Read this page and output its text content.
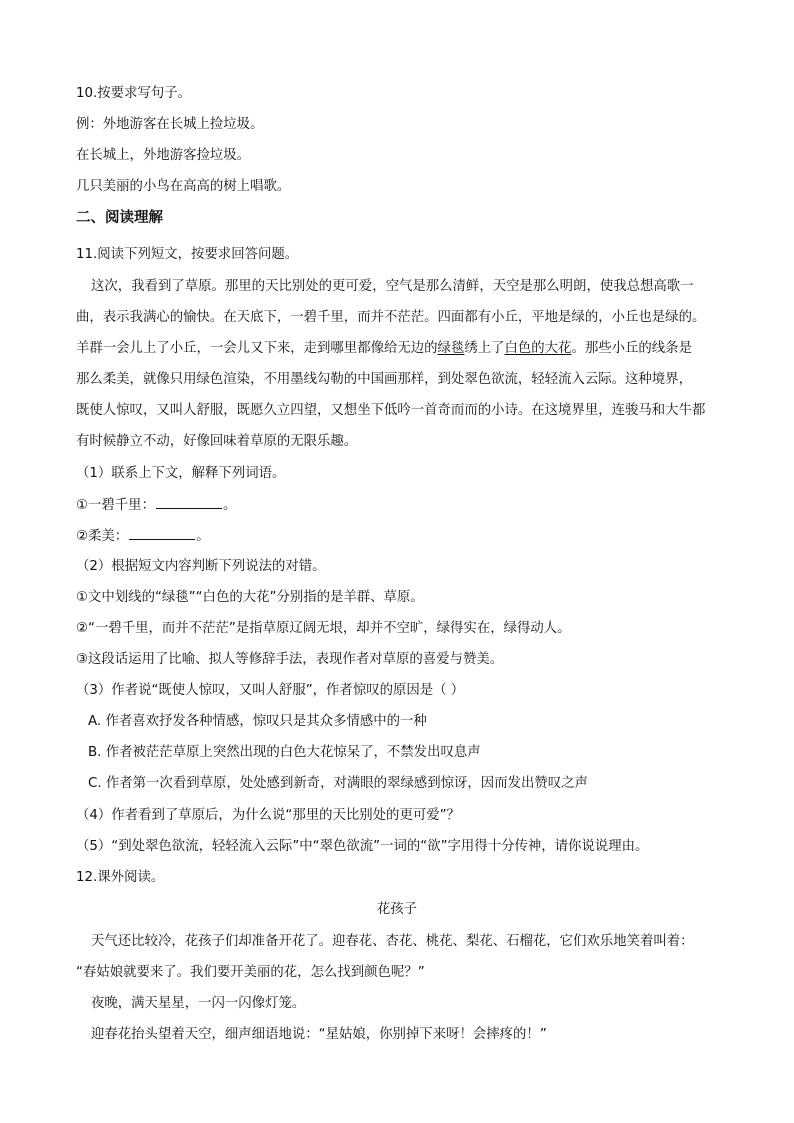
10.按要求写句子。
例：外地游客在长城上捡垃圾。
在长城上，外地游客捡垃圾。
几只美丽的小鸟在高高的树上唱歌。
二、阅读理解
11.阅读下列短文，按要求回答问题。
这次，我看到了草原。那里的天比别处的更可爱，空气是那么清鲜，天空是那么明朗，使我总想高歌一
曲，表示我满心的愉快。在天底下，一碧千里，而并不茫茫。四面都有小丘，平地是绿的，小丘也是绿的。
羊群一会儿上了小丘，一会儿又下来，走到哪里都像给无边的绿毯绣上了白色的大花。那些小丘的线条是
那么柔美，就像只用绿色渲染，不用墨线勾勒的中国画那样，到处翠色欲流，轻轻流入云际。这种境界，
既使人惊叹，又叫人舒服，既愿久立四望，又想坐下低吟一首奇而而的小诗。在这境界里，连骏马和大牛都
有时候静立不动，好像回味着草原的无限乐趣。
（1）联系上下文，解释下列词语。
①一碧千里：	。
②柔美：	。
（2）根据短文内容判断下列说法的对错。
①文中划线的“绿毯”“白色的大花”分别指的是羊群、草原。
②“一碧千里，而并不茫茫”是指草原辽阔无垠，却并不空旷，绿得实在，绿得动人。
③这段话运用了比喻、拟人等修辞手法，表现作者对草原的喜爱与赞美。
（3）作者说“既使人惊叹，又叫人舒服”，作者惊叹的原因是（ ）
A. 作者喜欢抒发各种情感，惊叹只是其众多情感中的一种
B. 作者被茫茫草原上突然出现的白色大花惊呆了，不禁发出叹息声
C. 作者第一次看到草原，处处感到新奇，对满眼的翠绿感到惊讶，因而发出赞叹之声
（4）作者看到了草原后，为什么说“那里的天比别处的更可爱”？
（5）“到处翠色欲流，轻轻流入云际”中“翠色欲流”一词的“欲”字用得十分传神，请你说说理由。
12.课外阅读。
花孩子
天气还比较冷，花孩子们却准备开花了。迎春花、杏花、桃花、梨花、石榴花，它们欢乐地笑着叫着：
“春姑娘就要来了。我们要开美丽的花，怎么找到颜色呢？”
夜晚，满天星星，一闪一闪像灯笼。
迎春花抬头望着天空，细声细语地说：“星姑娘，你别掉下来呀！会摔疼的！”
